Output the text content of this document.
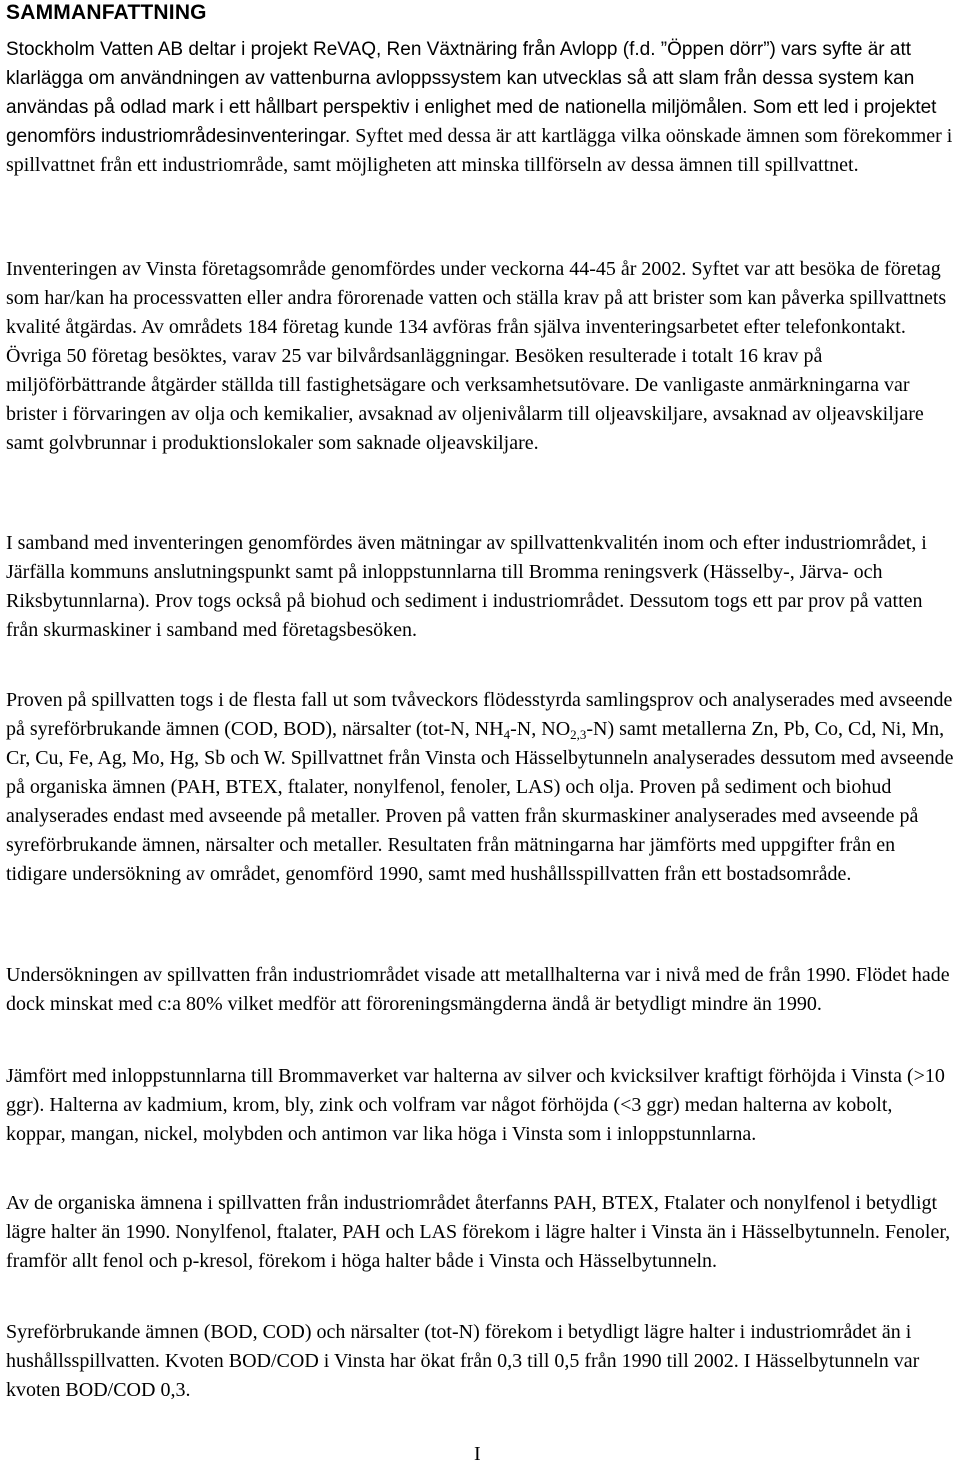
SAMMANFATTNING

Stockholm Vatten AB deltar i projekt ReVAQ, Ren Växtnäring från Avlopp (f.d. ”Öppen dörr”) vars syfte är att klarlägga om användningen av vattenburna avloppssystem kan utvecklas så att slam från dessa system kan användas på odlad mark i ett hållbart perspektiv i enlighet med de nationella miljömålen. Som ett led i projektet genomförs industriområdesinventeringar. Syftet med dessa är att kartlägga vilka oönskade ämnen som förekommer i spillvattnet från ett industriområde, samt möjligheten att minska tillförseln av dessa ämnen till spillvattnet.

Inventeringen av Vinsta företagsområde genomfördes under veckorna 44-45 år 2002. Syftet var att besöka de företag som har/kan ha processvatten eller andra förorenade vatten och ställa krav på att brister som kan påverka spillvattnets kvalité åtgärdas. Av områdets 184 företag kunde 134 avföras från själva inventeringsarbetet efter telefonkontakt. Övriga 50 företag besöktes, varav 25 var bilvårdsanläggningar. Besöken resulterade i totalt 16 krav på miljöförbättrande åtgärder ställda till fastighetsägare och verksamhetsutövare. De vanligaste anmärkningarna var brister i förvaringen av olja och kemikalier, avsaknad av oljenivålarm till oljeavskiljare, avsaknad av oljeavskiljare samt golvbrunnar i produktionslokaler som saknade oljeavskiljare.

I samband med inventeringen genomfördes även mätningar av spillvattenkvalitén inom och efter industriområdet, i Järfälla kommuns anslutningspunkt samt på inloppstunnlarna till Bromma reningsverk (Hässelby-, Järva- och Riksbytunnlarna). Prov togs också på biohud och sediment i industriområdet. Dessutom togs ett par prov på vatten från skurmaskiner i samband med företagsbesöken.

Proven på spillvatten togs i de flesta fall ut som tvåveckors flödesstyrda samlingsprov och analyserades med avseende på syreförbrukande ämnen (COD, BOD), närsalter (tot-N, $NH_4-N$, $NO_{2,3}-N$) samt metallerna Zn, Pb, Co, Cd, Ni, Mn, Cr, Cu, Fe, Ag, Mo, Hg, Sb och W. Spillvattnet från Vinsta och Hässelbytunneln analyserades dessutom med avseende på organiska ämnen (PAH, BTEX, ftalater, nonylfenol, fenoler, LAS) och olja. Proven på sediment och biohud analyserades endast med avseende på metaller. Proven på vatten från skurmaskiner analyserades med avseende på syreförbrukande ämnen, närsalter och metaller. Resultaten från mätningarna har jämförts med uppgifter från en tidigare undersökning av området, genomförd 1990, samt med hushållsspillvatten från ett bostadsområde.

Undersökningen av spillvatten från industriområdet visade att metallhalterna var i nivå med de från 1990. Flödet hade dock minskat med c:a 80% vilket medför att föroreningsmängderna ändå är betydligt mindre än 1990.

Jämfört med inloppstunnlarna till Brommaverket var halterna av silver och kvicksilver kraftigt förhöjda i Vinsta (>10 ggr). Halterna av kadmium, krom, bly, zink och volfram var något förhöjda (<3 ggr) medan halterna av kobolt, koppar, mangan, nickel, molybden och antimon var lika höga i Vinsta som i inloppstunnlarna.

Av de organiska ämnena i spillvatten från industriområdet återfanns PAH, BTEX, Ftalater och nonylfenol i betydligt lägre halter än 1990. Nonylfenol, ftalater, PAH och LAS förekom i lägre halter i Vinsta än i Hässelbytunneln. Fenoler, framför allt fenol och p-kresol, förekom i höga halter både i Vinsta och Hässelbytunneln.

Syreförbrukande ämnen (BOD, COD) och närsalter (tot-N) förekom i betydligt lägre halter i industriområdet än i hushållsspillvatten. Kvoten BOD/COD i Vinsta har ökat från 0,3 till 0,5 från 1990 till 2002. I Hässelbytunneln var kvoten BOD/COD 0,3.

I
